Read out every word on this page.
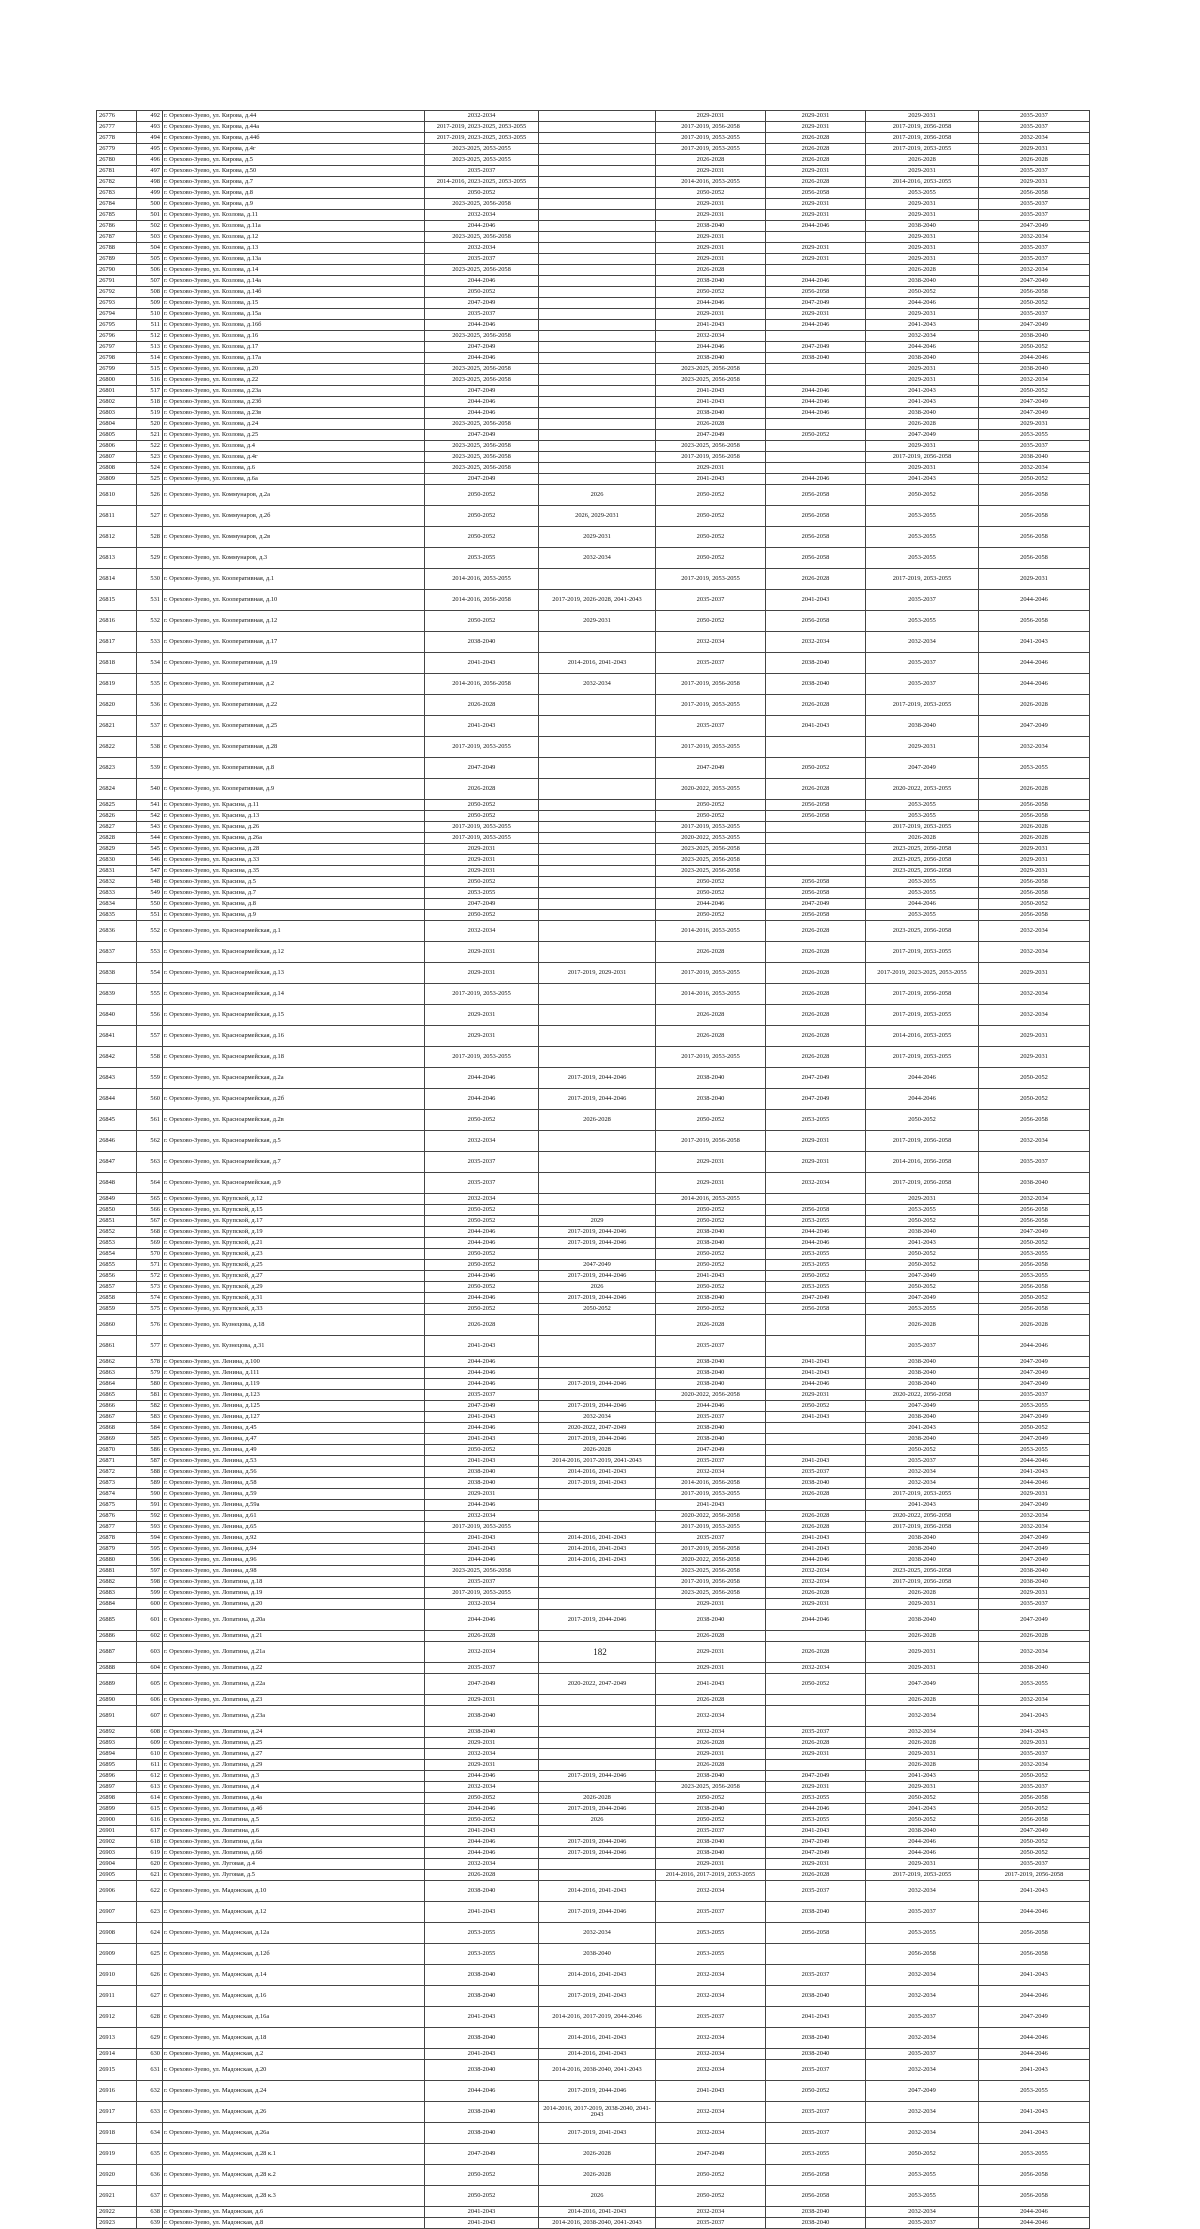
26776	492	г. Орехово-Зуево, ул. Кирова, д.44	2032-2034		2029-2031	2029-2031	2029-2031	2035-2037
26777	493	г. Орехово-Зуево, ул. Кирова, д.44а	2017-2019, 2023-2025, 2053-2055		2017-2019, 2056-2058	2029-2031	2017-2019, 2056-2058	2035-2037
26778	494	г. Орехово-Зуево, ул. Кирова, д.44б	2017-2019, 2023-2025, 2053-2055		2017-2019, 2053-2055	2026-2028	2017-2019, 2056-2058	2032-2034
26779	495	г. Орехово-Зуево, ул. Кирова, д.4г	2023-2025, 2053-2055		2017-2019, 2053-2055	2026-2028	2017-2019, 2053-2055	2029-2031
26780	496	г. Орехово-Зуево, ул. Кирова, д.5	2023-2025, 2053-2055		2026-2028	2026-2028	2026-2028	2026-2028
26781	497	г. Орехово-Зуево, ул. Кирова, д.50	2035-2037		2029-2031	2029-2031	2029-2031	2035-2037
26782	498	г. Орехово-Зуево, ул. Кирова, д.7	2014-2016, 2023-2025, 2053-2055		2014-2016, 2053-2055	2026-2028	2014-2016, 2053-2055	2029-2031
26783	499	г. Орехово-Зуево, ул. Кирова, д.8	2050-2052		2050-2052	2056-2058	2053-2055	2056-2058
26784	500	г. Орехово-Зуево, ул. Кирова, д.9	2023-2025, 2056-2058		2029-2031	2029-2031	2029-2031	2035-2037
26785	501	г. Орехово-Зуево, ул. Козлова, д.11	2032-2034		2029-2031	2029-2031	2029-2031	2035-2037
26786	502	г. Орехово-Зуево, ул. Козлова, д.11а	2044-2046		2038-2040	2044-2046	2038-2040	2047-2049
26787	503	г. Орехово-Зуево, ул. Козлова, д.12	2023-2025, 2056-2058		2029-2031		2029-2031	2032-2034
26788	504	г. Орехово-Зуево, ул. Козлова, д.13	2032-2034		2029-2031	2029-2031	2029-2031	2035-2037
26789	505	г. Орехово-Зуево, ул. Козлова, д.13а	2035-2037		2029-2031	2029-2031	2029-2031	2035-2037
26790	506	г. Орехово-Зуево, ул. Козлова, д.14	2023-2025, 2056-2058		2026-2028		2026-2028	2032-2034
26791	507	г. Орехово-Зуево, ул. Козлова, д.14а	2044-2046		2038-2040	2044-2046	2038-2040	2047-2049
26792	508	г. Орехово-Зуево, ул. Козлова, д.14б	2050-2052		2050-2052	2056-2058	2050-2052	2056-2058
26793	509	г. Орехово-Зуево, ул. Козлова, д.15	2047-2049		2044-2046	2047-2049	2044-2046	2050-2052
26794	510	г. Орехово-Зуево, ул. Козлова, д.15а	2035-2037		2029-2031	2029-2031	2029-2031	2035-2037
26795	511	г. Орехово-Зуево, ул. Козлова, д.16б	2044-2046		2041-2043	2044-2046	2041-2043	2047-2049
26796	512	г. Орехово-Зуево, ул. Козлова, д.16	2023-2025, 2056-2058		2032-2034		2032-2034	2038-2040
26797	513	г. Орехово-Зуево, ул. Козлова, д.17	2047-2049		2044-2046	2047-2049	2044-2046	2050-2052
26798	514	г. Орехово-Зуево, ул. Козлова, д.17а	2044-2046		2038-2040	2038-2040	2038-2040	2044-2046
26799	515	г. Орехово-Зуево, ул. Козлова, д.20	2023-2025, 2056-2058		2023-2025, 2056-2058		2029-2031	2038-2040
26800	516	г. Орехово-Зуево, ул. Козлова, д.22	2023-2025, 2056-2058		2023-2025, 2056-2058		2029-2031	2032-2034
26801	517	г. Орехово-Зуево, ул. Козлова, д.23а	2047-2049		2041-2043	2044-2046	2041-2043	2050-2052
26802	518	г. Орехово-Зуево, ул. Козлова, д.23б	2044-2046		2041-2043	2044-2046	2041-2043	2047-2049
26803	519	г. Орехово-Зуево, ул. Козлова, д.23в	2044-2046		2038-2040	2044-2046	2038-2040	2047-2049
26804	520	г. Орехово-Зуево, ул. Козлова, д.24	2023-2025, 2056-2058		2026-2028		2026-2028	2029-2031
26805	521	г. Орехово-Зуево, ул. Козлова, д.25	2047-2049		2047-2049	2050-2052	2047-2049	2053-2055
26806	522	г. Орехово-Зуево, ул. Козлова, д.4	2023-2025, 2056-2058		2023-2025, 2056-2058		2029-2031	2035-2037
26807	523	г. Орехово-Зуево, ул. Козлова, д.4г	2023-2025, 2056-2058		2017-2019, 2056-2058		2017-2019, 2056-2058	2038-2040
26808	524	г. Орехово-Зуево, ул. Козлова, д.6	2023-2025, 2056-2058		2029-2031		2029-2031	2032-2034
26809	525	г. Орехово-Зуево, ул. Козлова, д.6а	2047-2049		2041-2043	2044-2046	2041-2043	2050-2052
26810	526	г. Орехово-Зуево, ул. Коммунаров, д.2а	2050-2052	2026	2050-2052	2056-2058	2050-2052	2056-2058
26811	527	г. Орехово-Зуево, ул. Коммунаров, д.2б	2050-2052	2026, 2029-2031	2050-2052	2056-2058	2053-2055	2056-2058
26812	528	г. Орехово-Зуево, ул. Коммунаров, д.2в	2050-2052	2029-2031	2050-2052	2056-2058	2053-2055	2056-2058
26813	529	г. Орехово-Зуево, ул. Коммунаров, д.3	2053-2055	2032-2034	2050-2052	2056-2058	2053-2055	2056-2058
26814	530	г. Орехово-Зуево, ул. Кооперативная, д.1	2014-2016, 2053-2055		2017-2019, 2053-2055	2026-2028	2017-2019, 2053-2055	2029-2031
26815	531	г. Орехово-Зуево, ул. Кооперативная, д.10	2014-2016, 2056-2058	2017-2019, 2026-2028, 2041-2043	2035-2037	2041-2043	2035-2037	2044-2046
26816	532	г. Орехово-Зуево, ул. Кооперативная, д.12	2050-2052	2029-2031	2050-2052	2056-2058	2053-2055	2056-2058
26817	533	г. Орехово-Зуево, ул. Кооперативная, д.17	2038-2040		2032-2034	2032-2034	2032-2034	2041-2043
26818	534	г. Орехово-Зуево, ул. Кооперативная, д.19	2041-2043	2014-2016, 2041-2043	2035-2037	2038-2040	2035-2037	2044-2046
26819	535	г. Орехово-Зуево, ул. Кооперативная, д.2	2014-2016, 2056-2058	2032-2034	2017-2019, 2056-2058	2038-2040	2035-2037	2044-2046
26820	536	г. Орехово-Зуево, ул. Кооперативная, д.22	2026-2028		2017-2019, 2053-2055	2026-2028	2017-2019, 2053-2055	2026-2028
26821	537	г. Орехово-Зуево, ул. Кооперативная, д.25	2041-2043		2035-2037	2041-2043	2038-2040	2047-2049
26822	538	г. Орехово-Зуево, ул. Кооперативная, д.28	2017-2019, 2053-2055		2017-2019, 2053-2055		2029-2031	2032-2034
26823	539	г. Орехово-Зуево, ул. Кооперативная, д.8	2047-2049		2047-2049	2050-2052	2047-2049	2053-2055
26824	540	г. Орехово-Зуево, ул. Кооперативная, д.9	2026-2028		2020-2022, 2053-2055	2026-2028	2020-2022, 2053-2055	2026-2028
26825	541	г. Орехово-Зуево, ул. Красина, д.11	2050-2052		2050-2052	2056-2058	2053-2055	2056-2058
26826	542	г. Орехово-Зуево, ул. Красина, д.13	2050-2052		2050-2052	2056-2058	2053-2055	2056-2058
26827	543	г. Орехово-Зуево, ул. Красина, д.26	2017-2019, 2053-2055		2017-2019, 2053-2055		2017-2019, 2053-2055	2026-2028
26828	544	г. Орехово-Зуево, ул. Красина, д.26а	2017-2019, 2053-2055		2020-2022, 2053-2055		2026-2028	2026-2028
26829	545	г. Орехово-Зуево, ул. Красина, д.28	2029-2031		2023-2025, 2056-2058		2023-2025, 2056-2058	2029-2031
26830	546	г. Орехово-Зуево, ул. Красина, д.33	2029-2031		2023-2025, 2056-2058		2023-2025, 2056-2058	2029-2031
26831	547	г. Орехово-Зуево, ул. Красина, д.35	2029-2031		2023-2025, 2056-2058		2023-2025, 2056-2058	2029-2031
26832	548	г. Орехово-Зуево, ул. Красина, д.5	2050-2052		2050-2052	2056-2058	2053-2055	2056-2058
26833	549	г. Орехово-Зуево, ул. Красина, д.7	2053-2055		2050-2052	2056-2058	2053-2055	2056-2058
26834	550	г. Орехово-Зуево, ул. Красина, д.8	2047-2049		2044-2046	2047-2049	2044-2046	2050-2052
26835	551	г. Орехово-Зуево, ул. Красина, д.9	2050-2052		2050-2052	2056-2058	2053-2055	2056-2058
26836	552	г. Орехово-Зуево, ул. Красноармейская, д.1	2032-2034		2014-2016, 2053-2055	2026-2028	2023-2025, 2056-2058	2032-2034
26837	553	г. Орехово-Зуево, ул. Красноармейская, д.12	2029-2031		2026-2028	2026-2028	2017-2019, 2053-2055	2032-2034
26838	554	г. Орехово-Зуево, ул. Красноармейская, д.13	2029-2031	2017-2019, 2029-2031	2017-2019, 2053-2055	2026-2028	2017-2019, 2023-2025, 2053-2055	2029-2031
26839	555	г. Орехово-Зуево, ул. Красноармейская, д.14	2017-2019, 2053-2055		2014-2016, 2053-2055	2026-2028	2017-2019, 2056-2058	2032-2034
26840	556	г. Орехово-Зуево, ул. Красноармейская, д.15	2029-2031		2026-2028	2026-2028	2017-2019, 2053-2055	2032-2034
26841	557	г. Орехово-Зуево, ул. Красноармейская, д.16	2029-2031		2026-2028	2026-2028	2014-2016, 2053-2055	2029-2031
26842	558	г. Орехово-Зуево, ул. Красноармейская, д.18	2017-2019, 2053-2055		2017-2019, 2053-2055	2026-2028	2017-2019, 2053-2055	2029-2031
26843	559	г. Орехово-Зуево, ул. Красноармейская, д.2а	2044-2046	2017-2019, 2044-2046	2038-2040	2047-2049	2044-2046	2050-2052
26844	560	г. Орехово-Зуево, ул. Красноармейская, д.2б	2044-2046	2017-2019, 2044-2046	2038-2040	2047-2049	2044-2046	2050-2052
26845	561	г. Орехово-Зуево, ул. Красноармейская, д.2в	2050-2052	2026-2028	2050-2052	2053-2055	2050-2052	2056-2058
26846	562	г. Орехово-Зуево, ул. Красноармейская, д.5	2032-2034		2017-2019, 2056-2058	2029-2031	2017-2019, 2056-2058	2032-2034
26847	563	г. Орехово-Зуево, ул. Красноармейская, д.7	2035-2037		2029-2031	2029-2031	2014-2016, 2056-2058	2035-2037
26848	564	г. Орехово-Зуево, ул. Красноармейская, д.9	2035-2037		2029-2031	2032-2034	2017-2019, 2056-2058	2038-2040
26849	565	г. Орехово-Зуево, ул. Крупской, д.12	2032-2034		2014-2016, 2053-2055		2029-2031	2032-2034
26850	566	г. Орехово-Зуево, ул. Крупской, д.15	2050-2052		2050-2052	2056-2058	2053-2055	2056-2058
26851	567	г. Орехово-Зуево, ул. Крупской, д.17	2050-2052	2029	2050-2052	2053-2055	2050-2052	2056-2058
26852	568	г. Орехово-Зуево, ул. Крупской, д.19	2044-2046	2017-2019, 2044-2046	2038-2040	2044-2046	2038-2040	2047-2049
26853	569	г. Орехово-Зуево, ул. Крупской, д.21	2044-2046	2017-2019, 2044-2046	2038-2040	2044-2046	2041-2043	2050-2052
26854	570	г. Орехово-Зуево, ул. Крупской, д.23	2050-2052		2050-2052	2053-2055	2050-2052	2053-2055
26855	571	г. Орехово-Зуево, ул. Крупской, д.25	2050-2052	2047-2049	2050-2052	2053-2055	2050-2052	2056-2058
26856	572	г. Орехово-Зуево, ул. Крупской, д.27	2044-2046	2017-2019, 2044-2046	2041-2043	2050-2052	2047-2049	2053-2055
26857	573	г. Орехово-Зуево, ул. Крупской, д.29	2050-2052	2026	2050-2052	2053-2055	2050-2052	2056-2058
26858	574	г. Орехово-Зуево, ул. Крупской, д.31	2044-2046	2017-2019, 2044-2046	2038-2040	2047-2049	2047-2049	2050-2052
26859	575	г. Орехово-Зуево, ул. Крупской, д.33	2050-2052	2050-2052	2050-2052	2056-2058	2053-2055	2056-2058
26860	576	г. Орехово-Зуево, ул. Кузнецова, д.18	2026-2028		2026-2028		2026-2028	2026-2028
26861	577	г. Орехово-Зуево, ул. Кузнецова, д.31	2041-2043		2035-2037		2035-2037	2044-2046
26862	578	г. Орехово-Зуево, ул. Ленина, д.100	2044-2046		2038-2040	2041-2043	2038-2040	2047-2049
26863	579	г. Орехово-Зуево, ул. Ленина, д.111	2044-2046		2038-2040	2041-2043	2038-2040	2047-2049
26864	580	г. Орехово-Зуево, ул. Ленина, д.119	2044-2046	2017-2019, 2044-2046	2038-2040	2044-2046	2038-2040	2047-2049
26865	581	г. Орехово-Зуево, ул. Ленина, д.123	2035-2037		2020-2022, 2056-2058	2029-2031	2020-2022, 2056-2058	2035-2037
26866	582	г. Орехово-Зуево, ул. Ленина, д.125	2047-2049	2017-2019, 2044-2046	2044-2046	2050-2052	2047-2049	2053-2055
26867	583	г. Орехово-Зуево, ул. Ленина, д.127	2041-2043	2032-2034	2035-2037	2041-2043	2038-2040	2047-2049
26868	584	г. Орехово-Зуево, ул. Ленина, д.45	2044-2046	2020-2022, 2047-2049	2038-2040		2041-2043	2050-2052
26869	585	г. Орехово-Зуево, ул. Ленина, д.47	2041-2043	2017-2019, 2044-2046	2038-2040		2038-2040	2047-2049
26870	586	г. Орехово-Зуево, ул. Ленина, д.49	2050-2052	2026-2028	2047-2049		2050-2052	2053-2055
26871	587	г. Орехово-Зуево, ул. Ленина, д.53	2041-2043	2014-2016, 2017-2019, 2041-2043	2035-2037	2041-2043	2035-2037	2044-2046
26872	588	г. Орехово-Зуево, ул. Ленина, д.56	2038-2040	2014-2016, 2041-2043	2032-2034	2035-2037	2032-2034	2041-2043
26873	589	г. Орехово-Зуево, ул. Ленина, д.58	2038-2040	2017-2019, 2041-2043	2014-2016, 2056-2058	2038-2040	2032-2034	2044-2046
26874	590	г. Орехово-Зуево, ул. Ленина, д.59	2029-2031		2017-2019, 2053-2055	2026-2028	2017-2019, 2053-2055	2029-2031
26875	591	г. Орехово-Зуево, ул. Ленина, д.59а	2044-2046		2041-2043		2041-2043	2047-2049
26876	592	г. Орехово-Зуево, ул. Ленина, д.61	2032-2034		2020-2022, 2056-2058	2026-2028	2020-2022, 2056-2058	2032-2034
26877	593	г. Орехово-Зуево, ул. Ленина, д.65	2017-2019, 2053-2055		2017-2019, 2053-2055	2026-2028	2017-2019, 2056-2058	2032-2034
26878	594	г. Орехово-Зуево, ул. Ленина, д.92	2041-2043	2014-2016, 2041-2043	2035-2037	2041-2043	2038-2040	2047-2049
26879	595	г. Орехово-Зуево, ул. Ленина, д.94	2041-2043	2014-2016, 2041-2043	2017-2019, 2056-2058	2041-2043	2038-2040	2047-2049
26880	596	г. Орехово-Зуево, ул. Ленина, д.96	2044-2046	2014-2016, 2041-2043	2020-2022, 2056-2058	2044-2046	2038-2040	2047-2049
26881	597	г. Орехово-Зуево, ул. Ленина, д.98	2023-2025, 2056-2058		2023-2025, 2056-2058	2032-2034	2023-2025, 2056-2058	2038-2040
26882	598	г. Орехово-Зуево, ул. Лопатина, д.18	2035-2037		2017-2019, 2056-2058	2032-2034	2017-2019, 2056-2058	2038-2040
26883	599	г. Орехово-Зуево, ул. Лопатина, д.19	2017-2019, 2053-2055		2023-2025, 2056-2058	2026-2028	2026-2028	2029-2031
26884	600	г. Орехово-Зуево, ул. Лопатина, д.20	2032-2034		2029-2031	2029-2031	2029-2031	2035-2037
26885	601	г. Орехово-Зуево, ул. Лопатина, д.20а	2044-2046	2017-2019, 2044-2046	2038-2040	2044-2046	2038-2040	2047-2049
26886	602	г. Орехово-Зуево, ул. Лопатина, д.21	2026-2028		2026-2028		2026-2028	2026-2028
26887	603	г. Орехово-Зуево, ул. Лопатина, д.21а	2032-2034		2029-2031	2026-2028	2029-2031	2032-2034
26888	604	г. Орехово-Зуево, ул. Лопатина, д.22	2035-2037		2029-2031	2032-2034	2029-2031	2038-2040
26889	605	г. Орехово-Зуево, ул. Лопатина, д.22а	2047-2049	2020-2022, 2047-2049	2041-2043	2050-2052	2047-2049	2053-2055
26890	606	г. Орехово-Зуево, ул. Лопатина, д.23	2029-2031		2026-2028		2026-2028	2032-2034
26891	607	г. Орехово-Зуево, ул. Лопатина, д.23а	2038-2040		2032-2034		2032-2034	2041-2043
26892	608	г. Орехово-Зуево, ул. Лопатина, д.24	2038-2040		2032-2034	2035-2037	2032-2034	2041-2043
26893	609	г. Орехово-Зуево, ул. Лопатина, д.25	2029-2031		2026-2028	2026-2028	2026-2028	2029-2031
26894	610	г. Орехово-Зуево, ул. Лопатина, д.27	2032-2034		2029-2031	2029-2031	2029-2031	2035-2037
26895	611	г. Орехово-Зуево, ул. Лопатина, д.29	2029-2031		2026-2028		2026-2028	2032-2034
26896	612	г. Орехово-Зуево, ул. Лопатина, д.3	2044-2046	2017-2019, 2044-2046	2038-2040	2047-2049	2041-2043	2050-2052
26897	613	г. Орехово-Зуево, ул. Лопатина, д.4	2032-2034		2023-2025, 2056-2058	2029-2031	2029-2031	2035-2037
26898	614	г. Орехово-Зуево, ул. Лопатина, д.4а	2050-2052	2026-2028	2050-2052	2053-2055	2050-2052	2056-2058
26899	615	г. Орехово-Зуево, ул. Лопатина, д.4б	2044-2046	2017-2019, 2044-2046	2038-2040	2044-2046	2041-2043	2050-2052
26900	616	г. Орехово-Зуево, ул. Лопатина, д.5	2050-2052	2026	2050-2052	2053-2055	2050-2052	2056-2058
26901	617	г. Орехово-Зуево, ул. Лопатина, д.6	2041-2043		2035-2037	2041-2043	2038-2040	2047-2049
26902	618	г. Орехово-Зуево, ул. Лопатина, д.6а	2044-2046	2017-2019, 2044-2046	2038-2040	2047-2049	2044-2046	2050-2052
26903	619	г. Орехово-Зуево, ул. Лопатина, д.6б	2044-2046	2017-2019, 2044-2046	2038-2040	2047-2049	2044-2046	2050-2052
26904	620	г. Орехово-Зуево, ул. Луговая, д.4	2032-2034		2029-2031	2029-2031	2029-2031	2035-2037
26905	621	г. Орехово-Зуево, ул. Луговая, д.5	2026-2028		2014-2016, 2017-2019, 2053-2055	2026-2028	2017-2019, 2053-2055	2017-2019, 2056-2058
26906	622	г. Орехово-Зуево, ул. Мадонская, д.10	2038-2040	2014-2016, 2041-2043	2032-2034	2035-2037	2032-2034	2041-2043
26907	623	г. Орехово-Зуево, ул. Мадонская, д.12	2041-2043	2017-2019, 2044-2046	2035-2037	2038-2040	2035-2037	2044-2046
26908	624	г. Орехово-Зуево, ул. Мадонская, д.12а	2053-2055	2032-2034	2053-2055	2056-2058	2053-2055	2056-2058
26909	625	г. Орехово-Зуево, ул. Мадонская, д.12б	2053-2055	2038-2040	2053-2055		2056-2058	2056-2058
26910	626	г. Орехово-Зуево, ул. Мадонская, д.14	2038-2040	2014-2016, 2041-2043	2032-2034	2035-2037	2032-2034	2041-2043
26911	627	г. Орехово-Зуево, ул. Мадонская, д.16	2038-2040	2017-2019, 2041-2043	2032-2034	2038-2040	2032-2034	2044-2046
26912	628	г. Орехово-Зуево, ул. Мадонская, д.16а	2041-2043	2014-2016, 2017-2019, 2044-2046	2035-2037	2041-2043	2035-2037	2047-2049
26913	629	г. Орехово-Зуево, ул. Мадонская, д.18	2038-2040	2014-2016, 2041-2043	2032-2034	2038-2040	2032-2034	2044-2046
26914	630	г. Орехово-Зуево, ул. Мадонская, д.2	2041-2043	2014-2016, 2041-2043	2032-2034	2038-2040	2035-2037	2044-2046
26915	631	г. Орехово-Зуево, ул. Мадонская, д.20	2038-2040	2014-2016, 2038-2040, 2041-2043	2032-2034	2035-2037	2032-2034	2041-2043
26916	632	г. Орехово-Зуево, ул. Мадонская, д.24	2044-2046	2017-2019, 2044-2046	2041-2043	2050-2052	2047-2049	2053-2055
26917	633	г. Орехово-Зуево, ул. Мадонская, д.26	2038-2040	2014-2016, 2017-2019, 2038-2040, 2041-2043	2032-2034	2035-2037	2032-2034	2041-2043
26918	634	г. Орехово-Зуево, ул. Мадонская, д.26а	2038-2040	2017-2019, 2041-2043	2032-2034	2035-2037	2032-2034	2041-2043
26919	635	г. Орехово-Зуево, ул. Мадонская, д.28 к.1	2047-2049	2026-2028	2047-2049	2053-2055	2050-2052	2053-2055
26920	636	г. Орехово-Зуево, ул. Мадонская, д.28 к.2	2050-2052	2026-2028	2050-2052	2056-2058	2053-2055	2056-2058
26921	637	г. Орехово-Зуево, ул. Мадонская, д.28 к.3	2050-2052	2026	2050-2052	2056-2058	2053-2055	2056-2058
26922	638	г. Орехово-Зуево, ул. Мадонская, д.6	2041-2043	2014-2016, 2041-2043	2032-2034	2038-2040	2032-2034	2044-2046
26923	639	г. Орехово-Зуево, ул. Мадонская, д.8	2041-2043	2014-2016, 2038-2040, 2041-2043	2035-2037	2038-2040	2035-2037	2044-2046
182
